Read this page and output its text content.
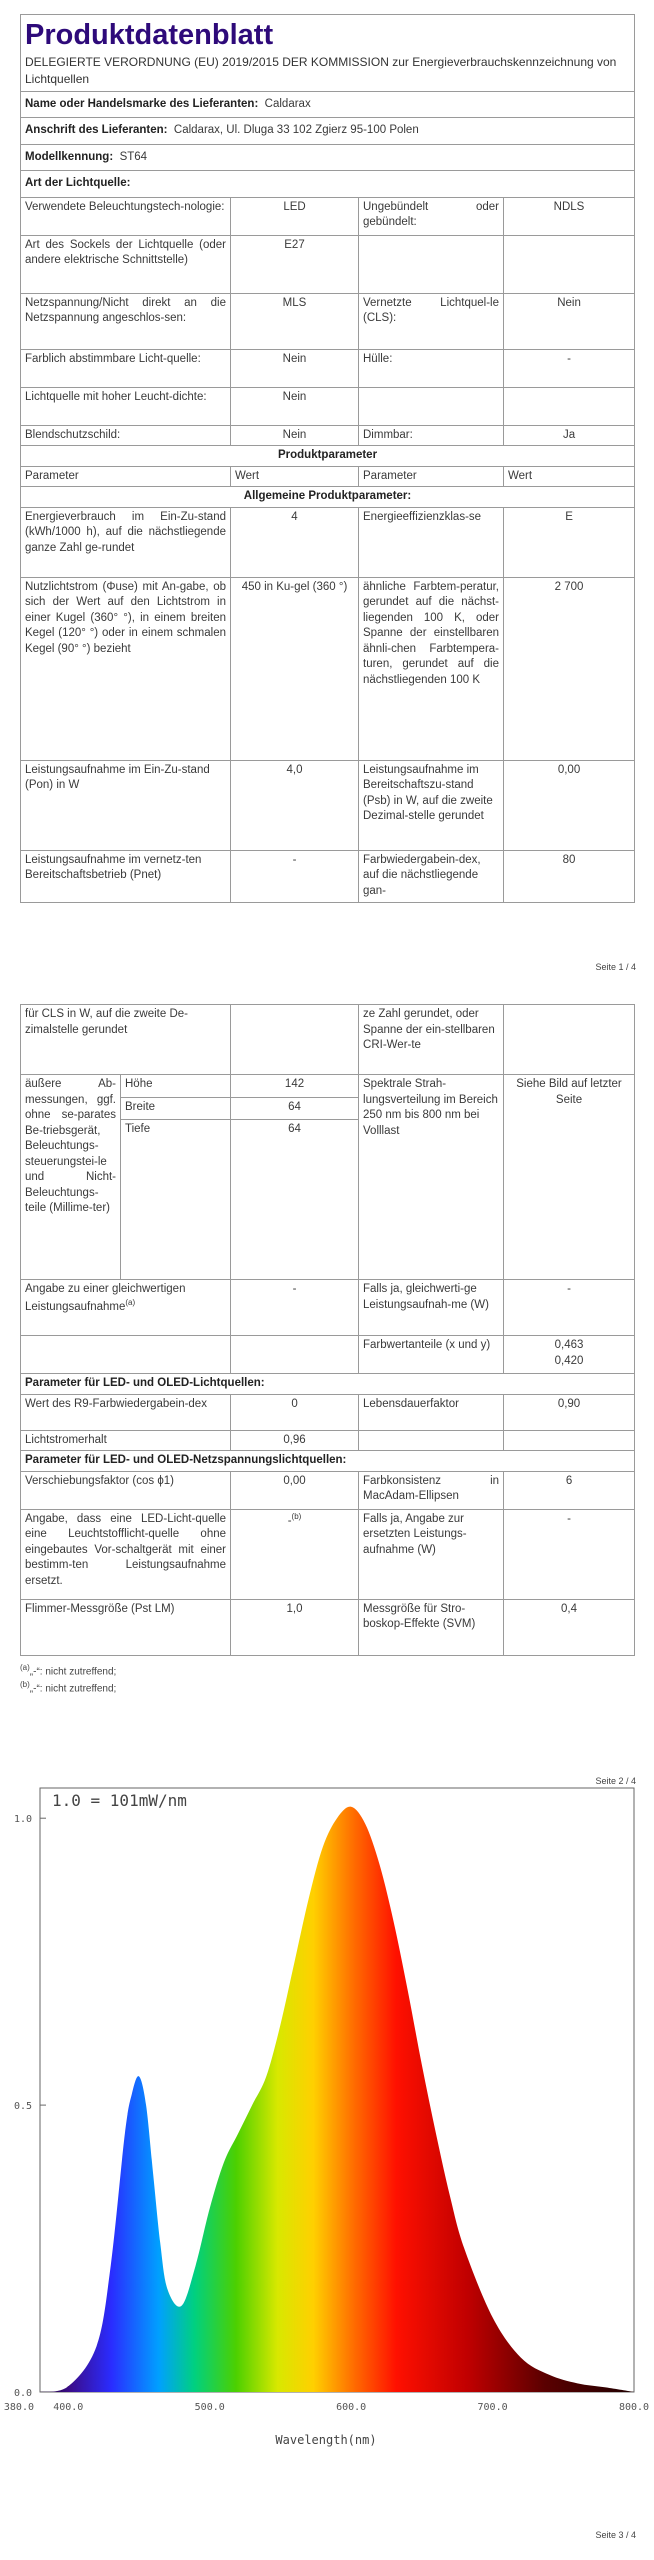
Produktdatenblatt
DELEGIERTE VERORDNUNG (EU) 2019/2015 DER KOMMISSION zur Energieverbrauchskennzeichnung von Lichtquellen			

Name oder Handelsmarke des Lieferanten: Caldarax			
Anschrift des Lieferanten: Caldarax, Ul. Dluga 33 102 Zgierz 95-100 Polen			
Modellkennung: ST64			
Art der Lichtquelle:			
Verwendete Beleuchtungstech-nologie:	LED	Ungebündelt oder gebündelt:	NDLS
Art des Sockels der Lichtquelle (oder andere elektrische Schnittstelle)	E27		
Netzspannung/Nicht direkt an die Netzspannung angeschlos-sen:	MLS	Vernetzte Lichtquel-le (CLS):	Nein
Farblich abstimmbare Licht-quelle:	Nein	Hülle:	-
Lichtquelle mit hoher Leucht-dichte:	Nein		
Blendschutzschild:	Nein	Dimmbar:	Ja
Produktparameter			
Parameter	Wert	Parameter	Wert
Allgemeine Produktparameter:			
Energieverbrauch im Ein-Zu-stand (kWh/1000 h), auf die nächstliegende ganze Zahl ge-rundet	4	Energieeffizienzklas-se	E
Nutzlichtstrom (Φuse) mit An-gabe, ob sich der Wert auf den Lichtstrom in einer Kugel (360° °), in einem breiten Kegel (120° °) oder in einem schmalen Kegel (90° °) bezieht	450 in Ku-gel (360 °)	ähnliche Farbtem-peratur, gerundet auf die nächst-liegenden 100 K, oder Spanne der einstellbaren ähnli-chen Farbtempera-turen, gerundet auf die nächstliegenden 100 K	2 700
Leistungsaufnahme im Ein-Zu-stand (Pon) in W	4,0	Leistungsaufnahme im Bereitschaftszu-stand (Psb) in W, auf die zweite Dezimal-stelle gerundet	0,00
Leistungsaufnahme im vernetz-ten Bereitschaftsbetrieb (Pnet)	-	Farbwiedergabein-dex, auf die nächstliegende gan-	80
Seite 1 / 4
für CLS in W, auf die zweite De-zimalstelle gerundet			ze Zahl gerundet, oder Spanne der ein-stellbaren CRI-Wer-te	
äußere Ab-messungen, ggf. ohne se-parates Be-triebsgerät, Beleuchtungs-steuerungstei-le und Nicht-Beleuchtungs-teile (Millime-ter)	Höhe	142	Spektrale Strah-lungsverteilung im Bereich 250 nm bis 800 nm bei Volllast	Siehe Bild auf letzter Seite
	Breite	64		
	Tiefe	64		
Angabe zu einer gleichwertigen Leistungsaufnahme$^{(a)}$		-	Falls ja, gleichwerti-ge Leistungsaufnah-me (W)	-
			Farbwertanteile (x und y)	0,463
0,420

Parameter für LED- und OLED-Lichtquellen:				
Wert des R9-Farbwiedergabein-dex		0	Lebensdauerfaktor	0,90
Lichtstromerhalt		0,96		
Parameter für LED- und OLED-Netzspannungslichtquellen:				
Verschiebungsfaktor (cos ϕ1)		0,00	Farbkonsistenz in MacAdam-Ellipsen	6
Angabe, dass eine LED-Licht-quelle eine Leuchtstofflicht-quelle ohne eingebautes Vor-schaltgerät mit einer bestimm-ten Leistungsaufnahme ersetzt.		-$^{(b)}$	Falls ja, Angabe zur ersetzten Leistungs-aufnahme (W)	-
Flimmer-Messgröße (Pst LM)		1,0	Messgröße für Stro-boskop-Effekte (SVM)	0,4
$^{(a)}$„-“: nicht zutreffend;
$^{(b)}$„-“: nicht zutreffend;
Seite 2 / 4
0.0
0.5
1.0
380.0 400.0	500.0	600.0	700.0	800.0
1.0 = 101mW/nm
Wavelength(nm)
Seite 3 / 4
